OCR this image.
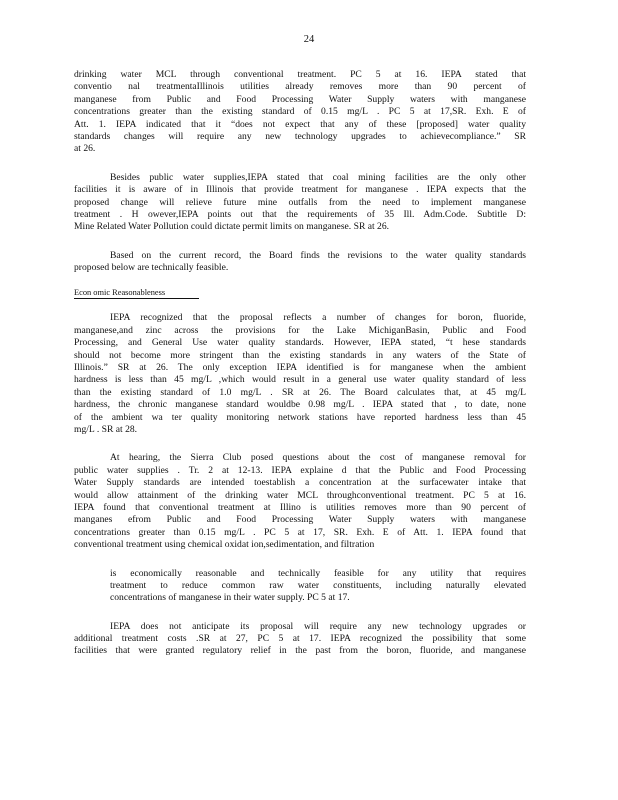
24
drinking water MCL through conventional treatment. PC 5 at 16. IEPA stated that
conventio nal treatmentaIllinois utilities already removes more than 90 percent of
manganese from Public and Food Processing Water Supply waters with manganese
concentrations greater than the existing standard of 0.15 mg/L . PC 5 at 17,SR. Exh. E of
Att. 1. IEPA indicated that it “does not expect that any of these [proposed] water quality
standards changes will require any new technology upgrades to achievecompliance.” SR
at 26.
Besides public water supplies,IEPA stated that coal mining facilities are the only other
facilities it is aware of in Illinois that provide treatment for manganese . IEPA expects that the
proposed change will relieve future mine outfalls from the need to implement manganese
treatment . H owever,IEPA points out that the requirements of 35 Ill. Adm.Code. Subtitle D:
Mine Related Water Pollution could dictate permit limits on manganese. SR at 26.
Based on the current record, the Board finds the revisions to the water quality standards
proposed below are technically feasible.
Econ omic Reasonableness
IEPA recognized that the proposal reflects a number of changes for boron, fluoride,
manganese,and zinc across the provisions for the Lake MichiganBasin, Public and Food
Processing, and General Use water quality standards. However, IEPA stated, “t hese standards
should not become more stringent than the existing standards in any waters of the State of
Illinois.” SR at 26. The only exception IEPA identified is for manganese when the ambient
hardness is less than 45 mg/L ,which would result in a general use water quality standard of less
than the existing standard of 1.0 mg/L . SR at 26. The Board calculates that, at 45 mg/L
hardness, the chronic manganese standard wouldbe 0.98 mg/L . IEPA stated that , to date, none
of the ambient wa ter quality monitoring network stations have reported hardness less than 45
mg/L . SR at 28.
At hearing, the Sierra Club posed questions about the cost of manganese removal for
public water supplies . Tr. 2 at 12-13. IEPA explaine d that the Public and Food Processing
Water Supply standards are intended toestablish a concentration at the surfacewater intake that
would allow attainment of the drinking water MCL throughconventional treatment. PC 5 at 16.
IEPA found that conventional treatment at Illino is utilities removes more than 90 percent of
manganes efrom Public and Food Processing Water Supply waters with manganese
concentrations greater than 0.15 mg/L . PC 5 at 17, SR. Exh. E of Att. 1. IEPA found that
conventional treatment using chemical oxidat ion,sedimentation, and filtration
is economically reasonable and technically feasible for any utility that requires
treatment to reduce common raw water constituents, including naturally elevated
concentrations of manganese in their water supply. PC 5 at 17.
IEPA does not anticipate its proposal will require any new technology upgrades or
additional treatment costs .SR at 27, PC 5 at 17. IEPA recognized the possibility that some
facilities that were granted regulatory relief in the past from the boron, fluoride, and manganese
